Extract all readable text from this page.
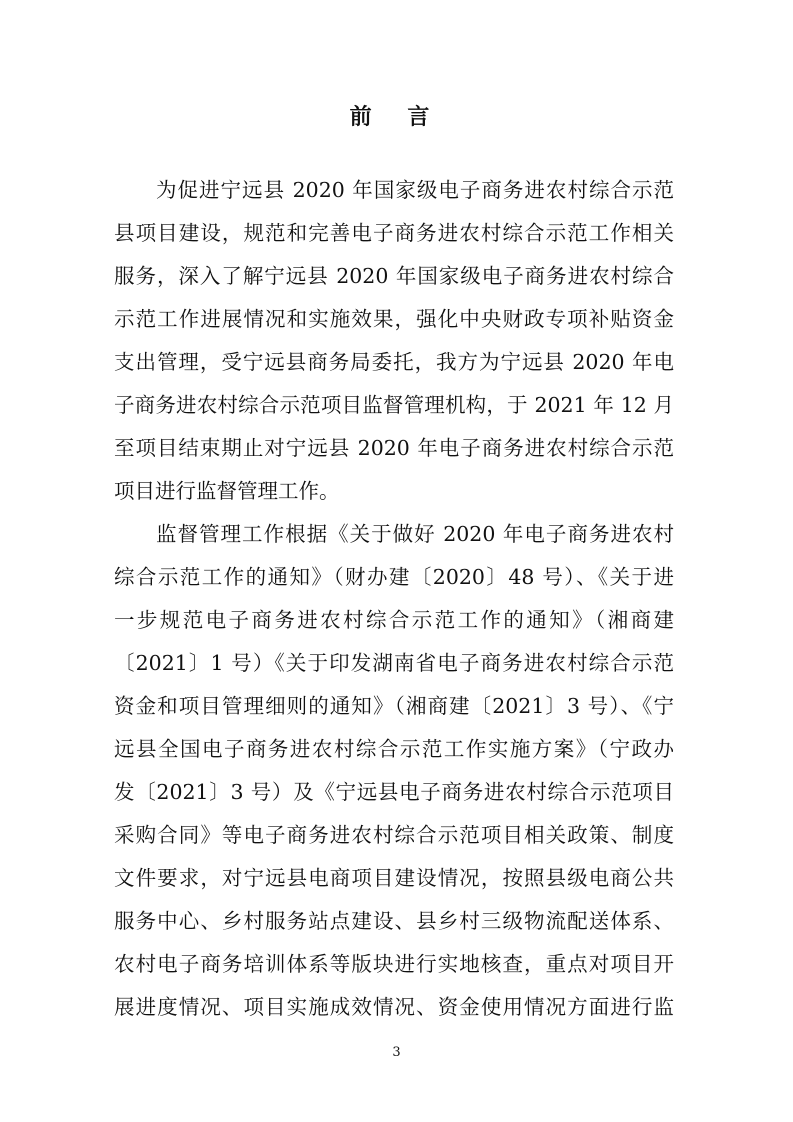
前 言
为促进宁远县 2020 年国家级电子商务进农村综合示范
县项目建设，规范和完善电子商务进农村综合示范工作相关
服务，深入了解宁远县 2020 年国家级电子商务进农村综合
示范工作进展情况和实施效果，强化中央财政专项补贴资金
支出管理，受宁远县商务局委托，我方为宁远县 2020 年电
子商务进农村综合示范项目监督管理机构，于 2021 年 12 月
至项目结束期止对宁远县 2020 年电子商务进农村综合示范
项目进行监督管理工作。
监督管理工作根据《关于做好 2020 年电子商务进农村
综合示范工作的通知》（财办建〔2020〕48 号）、《关于进
一步规范电子商务进农村综合示范工作的通知》（湘商建
〔2021〕1 号）《关于印发湖南省电子商务进农村综合示范
资金和项目管理细则的通知》（湘商建〔2021〕3 号）、《宁
远县全国电子商务进农村综合示范工作实施方案》（宁政办
发〔2021〕3 号）及《宁远县电子商务进农村综合示范项目
采购合同》等电子商务进农村综合示范项目相关政策、制度
文件要求，对宁远县电商项目建设情况，按照县级电商公共
服务中心、乡村服务站点建设、县乡村三级物流配送体系、
农村电子商务培训体系等版块进行实地核查，重点对项目开
展进度情况、项目实施成效情况、资金使用情况方面进行监
3
